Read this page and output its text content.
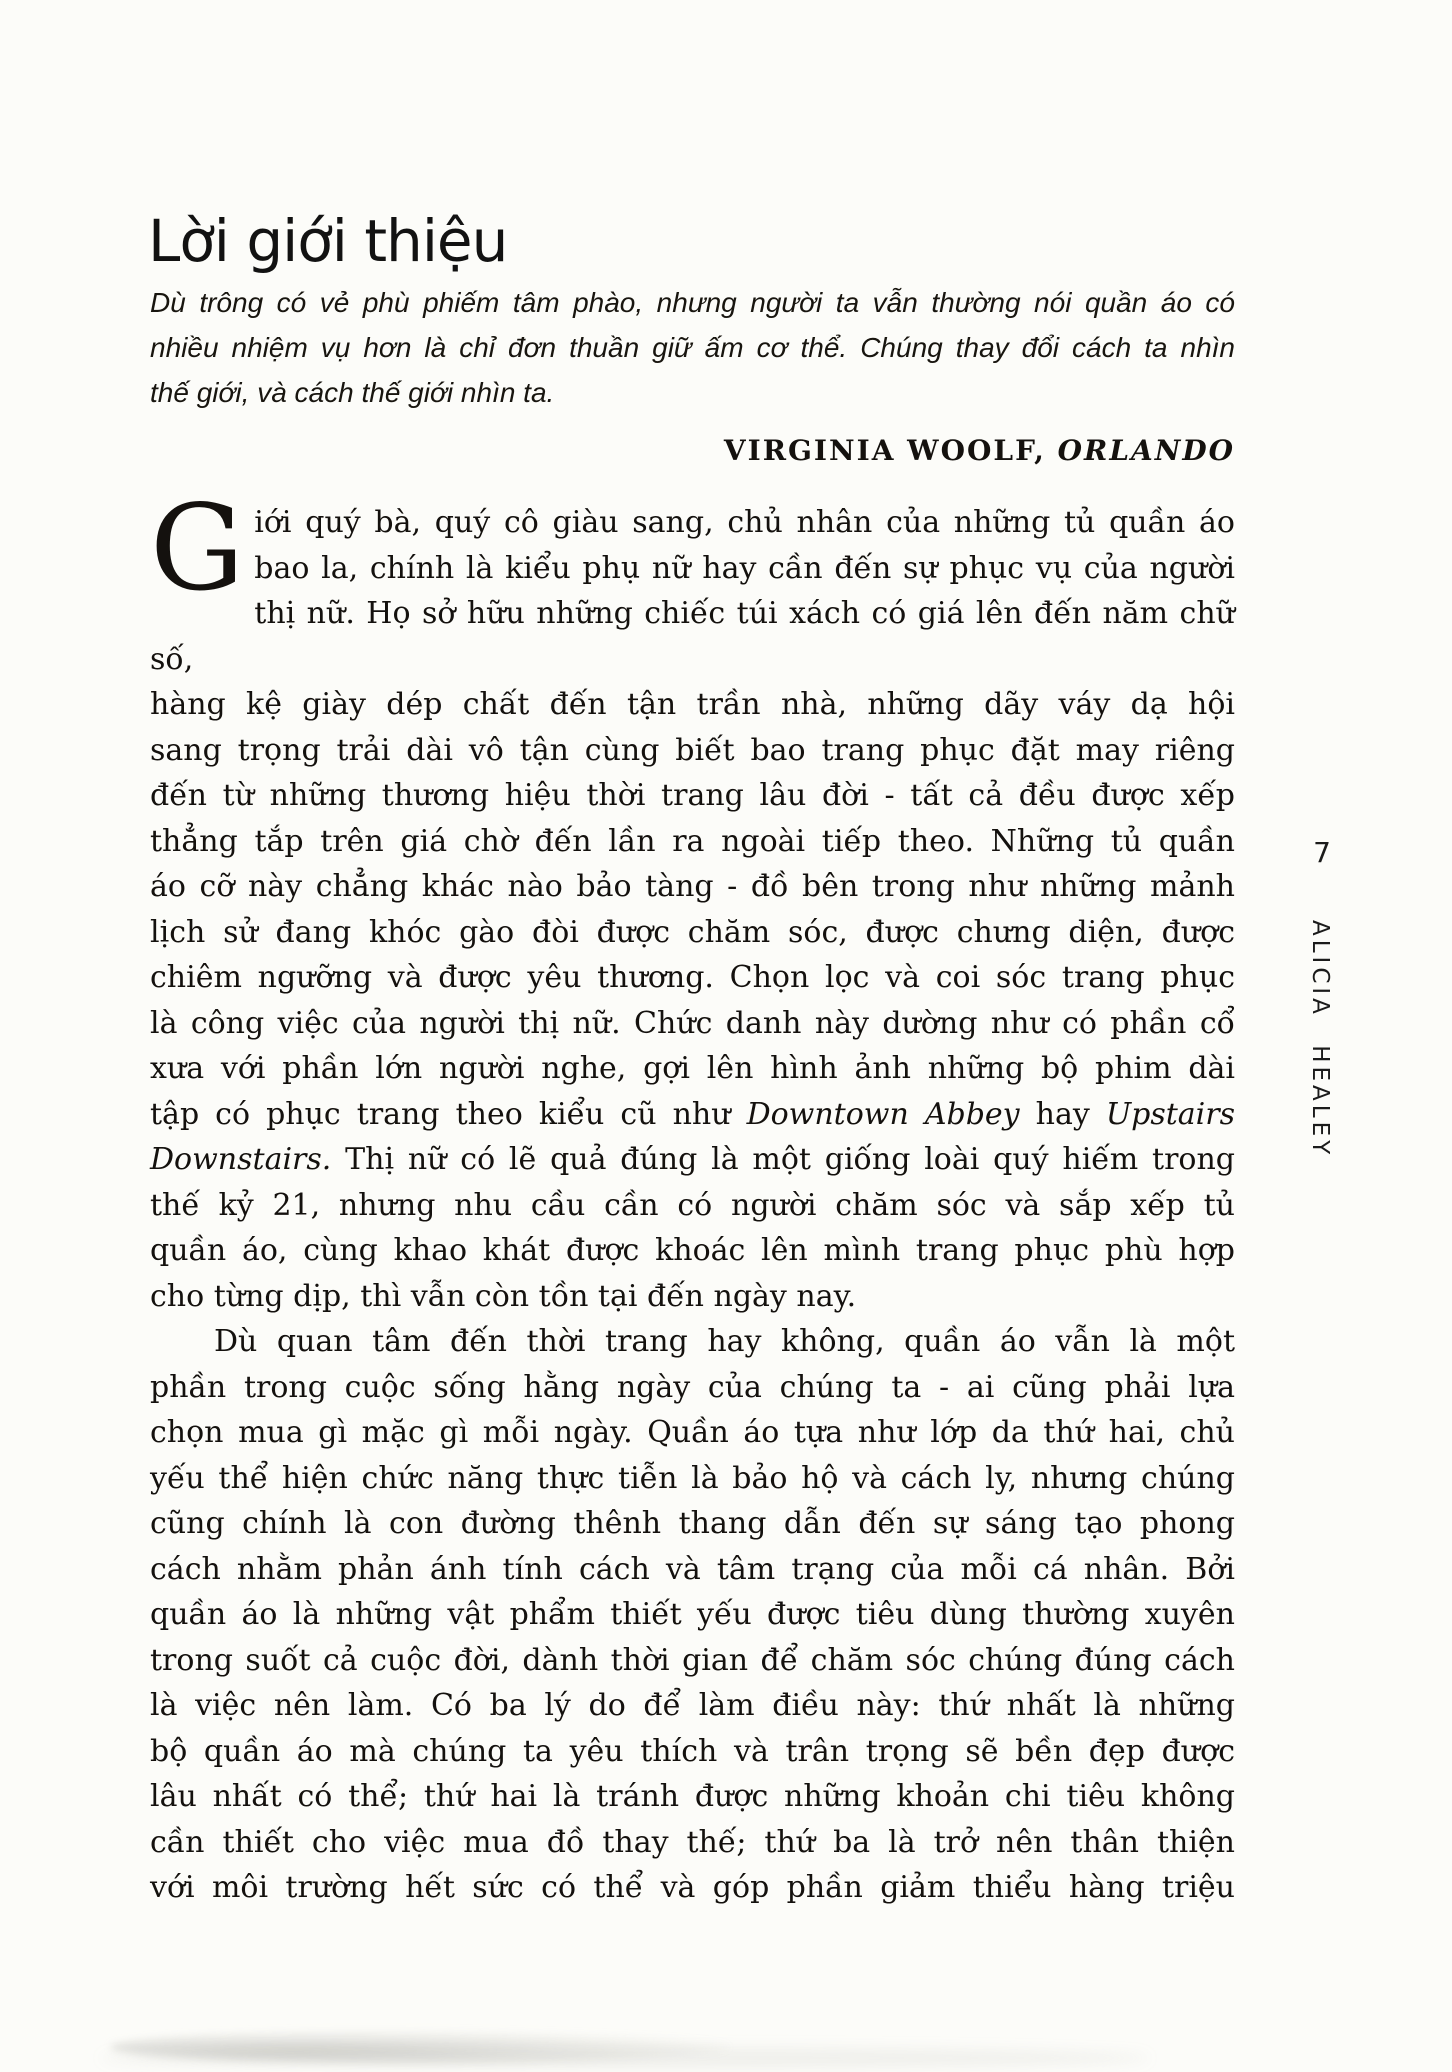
Lời giới thiệu
Dù trông có vẻ phù phiếm tâm phào, nhưng người ta vẫn thường nói quần áo có
nhiều nhiệm vụ hơn là chỉ đơn thuần giữ ấm cơ thể. Chúng thay đổi cách ta nhìn
thế giới, và cách thế giới nhìn ta.
VIRGINIA WOOLF, ORLANDO
G iới quý bà, quý cô giàu sang, chủ nhân của những tủ quần áo
bao la, chính là kiểu phụ nữ hay cần đến sự phục vụ của người
thị nữ. Họ sở hữu những chiếc túi xách có giá lên đến năm chữ số,
hàng kệ giày dép chất đến tận trần nhà, những dãy váy dạ hội
sang trọng trải dài vô tận cùng biết bao trang phục đặt may riêng
đến từ những thương hiệu thời trang lâu đời - tất cả đều được xếp
thẳng tắp trên giá chờ đến lần ra ngoài tiếp theo. Những tủ quần
áo cỡ này chẳng khác nào bảo tàng - đồ bên trong như những mảnh
lịch sử đang khóc gào đòi được chăm sóc, được chưng diện, được
chiêm ngưỡng và được yêu thương. Chọn lọc và coi sóc trang phục
là công việc của người thị nữ. Chức danh này dường như có phần cổ
xưa với phần lớn người nghe, gợi lên hình ảnh những bộ phim dài
tập có phục trang theo kiểu cũ như Downtown Abbey hay Upstairs
Downstairs. Thị nữ có lẽ quả đúng là một giống loài quý hiếm trong
thế kỷ 21, nhưng nhu cầu cần có người chăm sóc và sắp xếp tủ
quần áo, cùng khao khát được khoác lên mình trang phục phù hợp
cho từng dịp, thì vẫn còn tồn tại đến ngày nay.
Dù quan tâm đến thời trang hay không, quần áo vẫn là một
phần trong cuộc sống hằng ngày của chúng ta - ai cũng phải lựa
chọn mua gì mặc gì mỗi ngày. Quần áo tựa như lớp da thứ hai, chủ
yếu thể hiện chức năng thực tiễn là bảo hộ và cách ly, nhưng chúng
cũng chính là con đường thênh thang dẫn đến sự sáng tạo phong
cách nhằm phản ánh tính cách và tâm trạng của mỗi cá nhân. Bởi
quần áo là những vật phẩm thiết yếu được tiêu dùng thường xuyên
trong suốt cả cuộc đời, dành thời gian để chăm sóc chúng đúng cách
là việc nên làm. Có ba lý do để làm điều này: thứ nhất là những
bộ quần áo mà chúng ta yêu thích và trân trọng sẽ bền đẹp được
lâu nhất có thể; thứ hai là tránh được những khoản chi tiêu không
cần thiết cho việc mua đồ thay thế; thứ ba là trở nên thân thiện
với môi trường hết sức có thể và góp phần giảm thiểu hàng triệu
7
ALICIA HEALEY
